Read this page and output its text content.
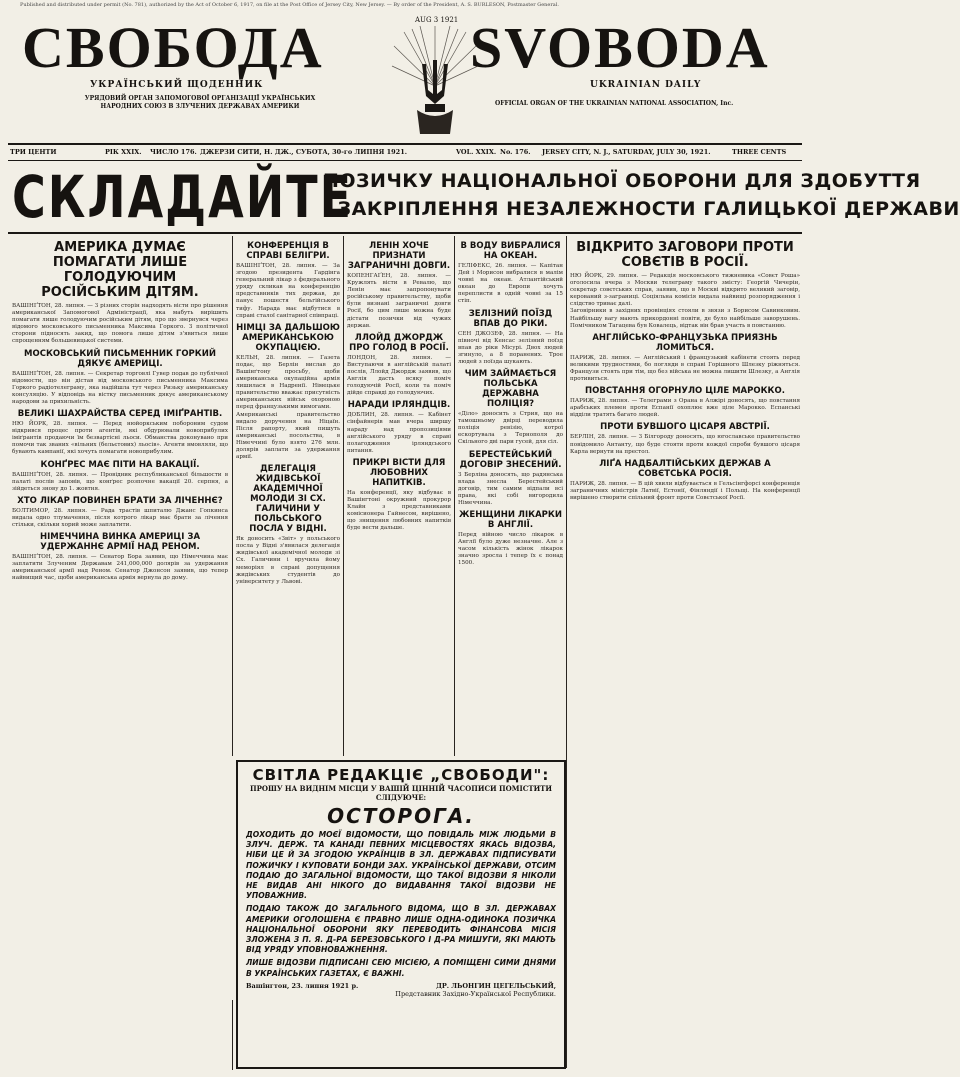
Published and distributed under permit (No. 781), authorized by the Act of October 6, 1917, on file at the Post Office of Jersey City, New Jersey. — By order of the President, A. S. BURLESON, Postmaster General.
СВОБОДА	SVOBODA
УКРАЇНСЬКИЙ ЩОДЕННИК	UKRAINIAN DAILY
УРЯДОВИЙ ОРГАН ЗАПОМОГОВОЇ ОРГАНІЗАЦІЇ УКРАЇНСЬКИХ НАРОДНИХ СОЮЗ В ЗЛУЧЕНИХ ДЕРЖАВАХ АМЕРИКИ	OFFICIAL ORGAN OF THE UKRAINIAN NATIONAL ASSOCIATION, Inc.
AUG 3 1921
ТРИ ЦЕНТИ	РІК XXIX. ЧИСЛО 176. ДЖЕРЗИ СИТИ, Н. ДЖ., СУБОТА, 30-го ЛИПНЯ 1921.	VOL. XXIX. No. 176. JERSEY CITY, N. J., SATURDAY, JULY 30, 1921.	THREE CENTS
СКЛАДАЙТЕ
ПОЗИЧКУ НАЦІОНАЛЬНОЇ ОБОРОНИ ДЛЯ ЗДОБУТТЯ
І ЗАКРІПЛЕННЯ НЕЗАЛЕЖНОСТИ ГАЛИЦЬКОЇ ДЕРЖАВИ
АМЕРИКА ДУМАЄ ПОМАГАТИ ЛИШЕ ГОЛОДУЮЧИМ РОСІЙСЬКИМ ДІТЯМ.

ВАШІНҐТОН, 28. липня. — З різних сторін надходять вісти про рішення американської Запомогової Адміністрації, яка мабуть вирішить помагати лише голодуючим російським дітям, про що звернувся через відомого московського письменника Максима Горкого. З політичної сторони підносять закид, що помога лише дітям з'явиться лише спрощенням большевицької системи.

МОСКОВСЬКИЙ ПИСЬМЕННИК ГОРКИЙ ДЯКУЄ АМЕРИЦІ.

ВАШІНҐТОН, 28. липня. — Секретар торговлі Гувер подав до публічної відомости, що він дістав від московського письменника Максима Горкого радіотелеграму, яка надійшла тут через Ризьку американську консуляцію. У відповідь на вістку письменник дякує американському народови за прихильність.

ВЕЛИКІ ШАХРАЙСТВА СЕРЕД ІМІҐРАНТІВ.

НЮ ЙОРК, 28. липня. — Перед нюйоркським побороним судом відкрився процес проти агентів, які обдурювали новоприбулих іміґрантів продаючи їм безвартісні льоси. Обманства доконувано при помочи так званих «вільних (бельєтових) льосів». Агенти вмовляли, що бувають кампанії, які хочуть помагати новоприбулим.

КОНҐРЕС МАЄ ПІТИ НА ВАКАЦІЇ.

ВАШІНҐТОН, 28. липня. — Провідник республиканської більшости в палаті послів заповів, що конґрес розпочне вакації 20. серпня, а зійдеться знову до 1. жовтня.

ХТО ЛІКАР ПОВИНЕН БРАТИ ЗА ЛІЧЕННЄ?

БОЛТИМОР, 28. липня. — Рада трастів шпиталю Джанс Гопкинса видала одно тлумачення, після котрого лікар має брати за лічення стільки, скільки хорий може заплатити.

НІМЕЧЧИНА ВИНКА АМЕРИЦІ ЗА УДЕРЖАННЄ АРМІЇ НАД РЕНОМ.

ВАШІНҐТОН, 28. липня. — Сенатор Бора заявив, що Німеччина має заплатити Злученим Державам 241,000,000 долярів за удержання американської армії над Реном. Сенатор Джонсон заявив, що тепер найвищий час, щоби американська армія вернула до дому.

КОНФЕРЕНЦІЯ В СПРАВІ БЕЛІГРИ.

ВАШІНҐТОН, 28. липня. — За згодою президента Гардінга генеральний лікар з федерального уряду скликав на конференцію представників тих держав, де панує пошестя бельгійського тифу. Нарада має відбутися в справі сталої санітарної співпраці.

НІМЦІ ЗА ДАЛЬШОЮ АМЕРИКАНСЬКОЮ ОКУПАЦІЄЮ.

КЕЛЬН, 28. липня. — Газета подає, що Берлін вислав до Вашінґтону просьбу, щоби американська окупаційна армія лишилася в Надренії. Німецьке правительство вважає присутність американських військ охороною перед французькими вимогами.

Американські правительство видало доручення на Ніцаїн. Після рапорту, який пишуть американські посольства, в Німеччині було взято 276 млн. долярів заплати за удержання армії.

ДЕЛЕГАЦІЯ ЖИДІВСЬКОЇ АКАДЕМІЧНОЇ МОЛОДИ ЗІ СХ. ГАЛИЧИНИ У ПОЛЬСЬКОГО ПОСЛА У ВІДНІ.

Як доносить «Звіт» у польського посла у Відні з'явилася делегація жидівської академічної молоди зі Сх. Галичини і вручила йому меморіял в справі допущення жидівських студентів до університету у Львові.

ЛЕНІН ХОЧЕ ПРИЗНАТИ ЗАГРАНИЧНІ ДОВГИ.

КОПЕНГАҐЕН, 28. липня. — Кружлять вісти в Ревалю, що Ленін має запропонувати російському правительству, щоби були визнані заграничні довги Росії, бо цим лише можна буде дістати позички від чужих держав.

ЛЛОЙД ДЖОРДЖ ПРО ГОЛОД В РОСІЇ.

ЛОНДОН, 28. липня. — Виступаючи в англійській палаті послів, Ллойд Джордж заявив, що Англія дасть всяку поміч голодуючій Росії, коли та поміч дійде справді до голодуючих.

НАРАДИ ІРЛЯНДЦІВ.

ДОБЛИН, 28. липня. — Кабінет сінфайнерів мав вчера ширшу нараду над пропозиціями англійського уряду в справі полагодження ірляндського питання.

ПРИКРІ ВІСТИ ДЛЯ ЛЮБОВНИХ НАПИТКІВ.

На конференції, яку відбуває в Вашінгтоні окружний прокурор Клайн з представниками комісионера Гайнесом, вирішено, що знищення любовних напитків буде вести дальше.

В ВОДУ ВИБРАЛИСЯ НА ОКЕАН.

ГЕЛІФЕКС, 26. липня. — Капітан Дей і Морисон вибралися в малім човні на океан. Атлантійський океан до Европи хочуть переплисти в одній човні за 15 стіп.

ЗЕЛІЗНИЙ ПОЇЗД ВПАВ ДО РІКИ.

СЕН ДЖОЗЕФ, 28. липня. — На півночі від Кенсас зелізний поїзд впав до ріки Місурі. Двох людей згинуло, а 8 поранених. Трое людей з поїзда шукають.

ЧИМ ЗАЙМАЄТЬСЯ ПОЛЬСЬКА ДЕРЖАВНА ПОЛІЦІЯ?

«Діло» доносить з Стрия, що на тамошньому двірці переводила поліція ревізію, котрої ескортувала з Тернополя до Скільного дві пари гусей, для сіл.

БЕРЕСТЕЙСЬКИЙ ДОГОВІР ЗНЕСЕНИЙ.

З Берліна доносять, що радянська влада знесла Берестейський договір, тим самим відпали всі права, які собі вигородила Німеччина.

ЖЕНЩИНИ ЛІКАРКИ В АНГЛІЇ.

Перед війною число лікарок в Англії було дуже незначне. Але з часом кількість жінок лікарок значно зросла і тепер їх є понад 1500.

ВІДКРИТО ЗАГОВОРИ ПРОТИ СОВЄТІВ В РОСІЇ.

НЮ ЙОРК, 29. липня. — Редакція московського тижневика «Совєт Роша» оголосила вчера з Москви телеграму такого змісту: Георгій Чичерін, секретар совєтських справ, заявив, що в Москві відкрито великий заговір, керований з-заграниці. Соціяльна комісія видала найвищі розпорядження і слідство триває далі.

Заговірники в західних провінціях стояли в звязи з Борисом Савинковим. Найбільшу вагу мають прикордонні повіти, де було найбільше заворушень. Помічником Тагацева був Ковалець, відтак він брав участь в повстанню.

АНГЛІЙСЬКО-ФРАНЦУЗЬКА ПРИЯЗНЬ ЛОМИТЬСЯ.

ПАРИЖ, 28. липня. — Англійський і французький кабінети стоять перед великими трудностями, бо погляди в справі Горішного Шлезку ріжняться. Французи стоять при тім, що без війська не можна лишити Шлезку, а Англія противиться.

ПОВСТАННЯ ОГОРНУЛО ЦІЛЕ МАРОККО.

ПАРИЖ, 28. липня. — Телеграми з Орана в Алжірі доносять, що повстання арабських племен проти Еспанії охоплює вже ціле Марокко. Еспанські відділи тратять багато людей.

ПРОТИ БУВШОГО ЦІСАРЯ АВСТРІЇ.

БЕРЛІН, 28. липня. — З Білгороду доносять, що югославське правительство повідомило Антанту, що буде стояти проти кождої спроби бувшого цісаря Карла вернути на престол.

ЛІҐА НАДБАЛТІЙСЬКИХ ДЕРЖАВ А СОВЄТСЬКА РОСІЯ.

ПАРИЖ, 28. липня. — В цій хвили відбувається в Гельсінгфорсі конференція заграничних міністрів Латвії, Естонії, Фінляндії і Польщі. На конференції вирішено створити спільний фронт проти Совєтської Росії.

СВІТЛА РЕДАКЦІЄ „СВОБОДИ":
ПРОШУ НА ВИДНІМ МІСЦИ У ВАШІЙ ЦІННІЙ ЧАСОПИСИ ПОМІСТИТИ СЛІДУЮЧЕ:
ОСТОРОГА.
ДОХОДИТЬ ДО МОЄЇ ВІДОМОСТИ, ЩО ПОВІДАЛЬ МІЖ ЛЮДЬМИ В ЗЛУЧ. ДЕРЖ. ТА КАНАДІ ПЕВНИХ МІСЦЕВОСТЯХ ЯКАСЬ ВІДОЗВА, НІБИ ЦЕ Й ЗА ЗГОДОЮ УКРАЇНЦІВ В ЗЛ. ДЕРЖАВАХ ПІДПИСУВАТИ ПОЖИЧКУ І КУПОВАТИ БОНДИ ЗАХ. УКРАЇНСЬКОЇ ДЕРЖАВИ, ОТСИМ ПОДАЮ ДО ЗАГАЛЬНОЇ ВІДОМОСТИ, ЩО ТАКОЇ ВІДОЗВИ Я НІКОЛИ НЕ ВИДАВ АНІ НІКОГО ДО ВИДАВАННЯ ТАКОЇ ВІДОЗВИ НЕ УПОВАЖНИВ.
ПОДАЮ ТАКОЖ ДО ЗАГАЛЬНОГО ВІДОМА, ЩО В ЗЛ. ДЕРЖАВАХ АМЕРИКИ ОГОЛОШЕНА Є ПРАВНО ЛИШЕ ОДНА-ОДИНОКА ПОЗИЧКА НАЦІОНАЛЬНОЇ ОБОРОНИ ЯКУ ПЕРЕВОДИТЬ ФІНАНСОВА МІСІЯ ЗЛОЖЕНА З П. Я. Д-РА БЕРЕЗОВСЬКОГО І Д-РА МИШУГИ, ЯКІ МАЮТЬ ВІД УРЯДУ УПОВНОВАЖНЕННЯ.
ЛИШЕ ВІДОЗВИ ПІДПИСАНІ СЕЮ МІСІЄЮ, А ПОМІЩЕНІ СИМИ ДНЯМИ В УКРАЇНСЬКИХ ГАЗЕТАХ, Є ВАЖНІ.
Вашінгтон, 23. липня 1921 р.	ДР. ЛЬОНГИН ЦЕГЕЛЬСЬКИЙ,
Представник Західно-Української Республики.
